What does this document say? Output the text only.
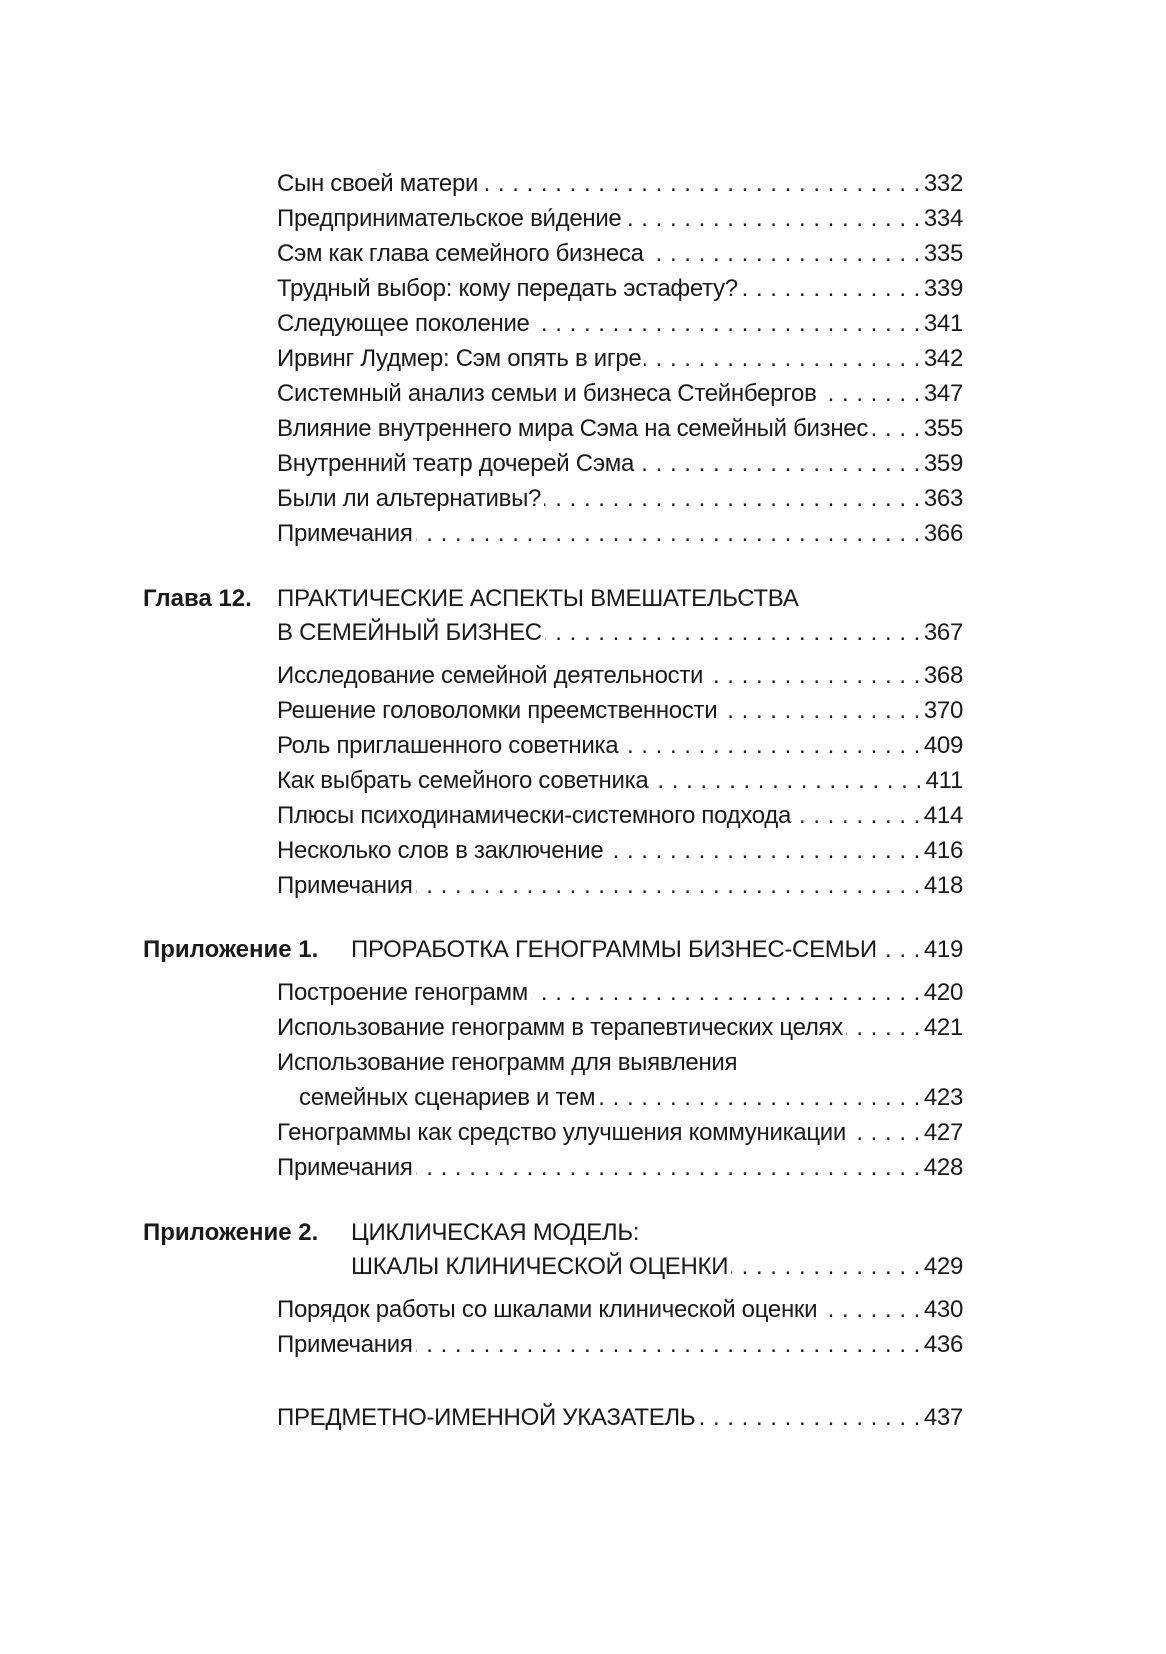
Сын своей матери . . .	332
Предпринимательское ви́дение . . .	334
Сэм как глава семейного бизнеса . . .	335
Трудный выбор: кому передать эстафету? . . .	339
Следующее поколение . . .	341
Ирвинг Лудмер: Сэм опять в игре . . .	342
Системный анализ семьи и бизнеса Стейнбергов . . .	347
Влияние внутреннего мира Сэма на семейный бизнес . . . 355
Внутренний театр дочерей Сэма . . .	359
Были ли альтернативы? . . .	363
Примечания . . .	366
Глава 12. ПРАКТИЧЕСКИЕ АСПЕКТЫ ВМЕШАТЕЛЬСТВА
В СЕМЕЙНЫЙ БИЗНЕС . . .	367
Исследование семейной деятельности . . .	368
Решение головоломки преемственности . . .	370
Роль приглашенного советника . . .	409
Как выбрать семейного советника . . .	411
Плюсы психодинамически-системного подхода . . .	414
Несколько слов в заключение . . .	416
Примечания . . .	418
Приложение 1. ПРОРАБОТКА ГЕНОГРАММЫ БИЗНЕС-СЕМЬИ . . . 419
Построение генограмм . . .	420
Использование генограмм в терапевтических целях . . .	421
Использование генограмм для выявления
семейных сценариев и тем . . .	423
Генограммы как средство улучшения коммуникации . . .	427
Примечания . . .	428
Приложение 2. ЦИКЛИЧЕСКАЯ МОДЕЛЬ:
ШКАЛЫ КЛИНИЧЕСКОЙ ОЦЕНКИ . . .	429
Порядок работы со шкалами клинической оценки . . .	430
Примечания . . .	436
ПРЕДМЕТНО-ИМЕННОЙ УКАЗАТЕЛЬ . . .	437
